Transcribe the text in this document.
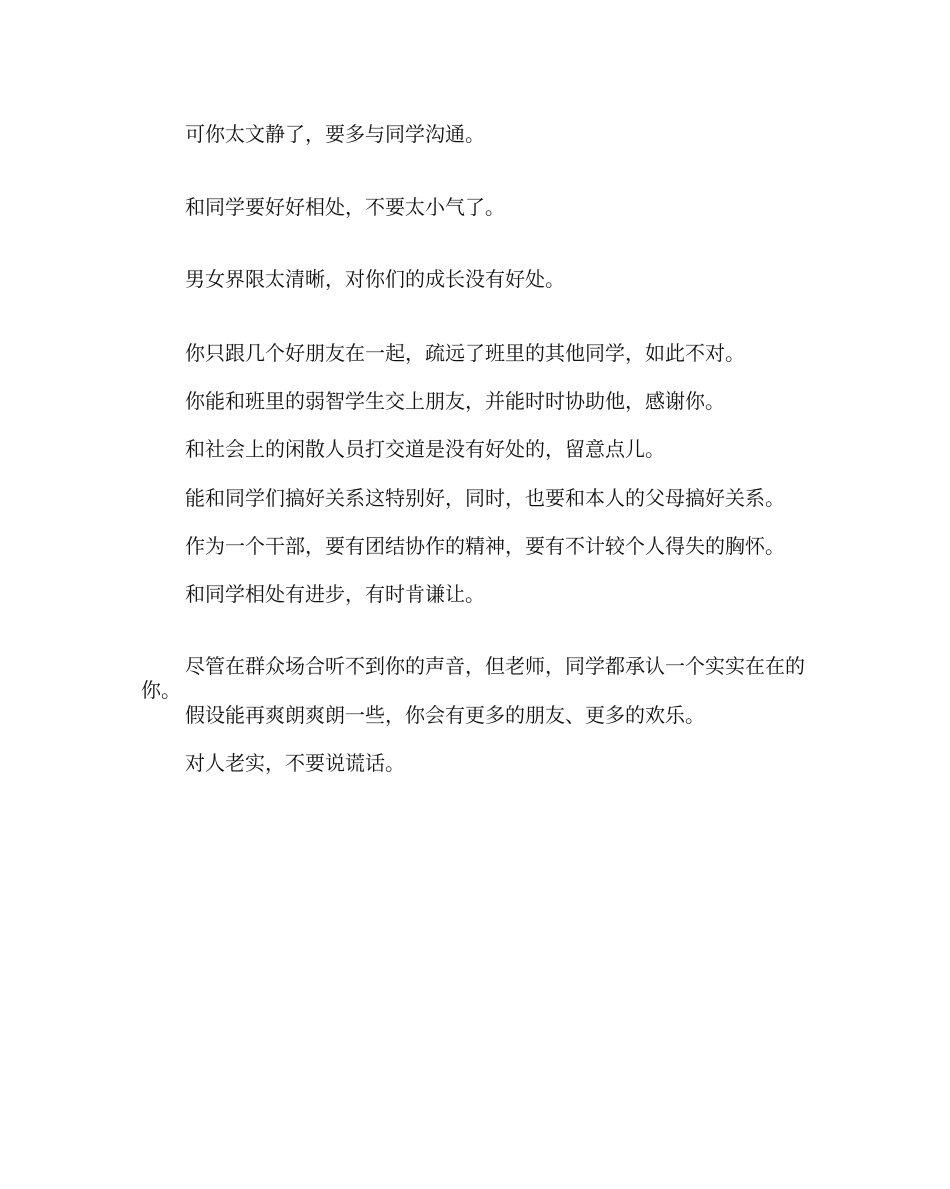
可你太文静了，要多与同学沟通。

和同学要好好相处，不要太小气了。

男女界限太清晰，对你们的成长没有好处。

你只跟几个好朋友在一起，疏远了班里的其他同学，如此不对。

你能和班里的弱智学生交上朋友，并能时时协助他，感谢你。

和社会上的闲散人员打交道是没有好处的，留意点儿。

能和同学们搞好关系这特别好，同时，也要和本人的父母搞好关系。

作为一个干部，要有团结协作的精神，要有不计较个人得失的胸怀。

和同学相处有进步，有时肯谦让。

尽管在群众场合听不到你的声音，但老师，同学都承认一个实实在在的你。

假设能再爽朗爽朗一些，你会有更多的朋友、更多的欢乐。

对人老实，不要说谎话。
